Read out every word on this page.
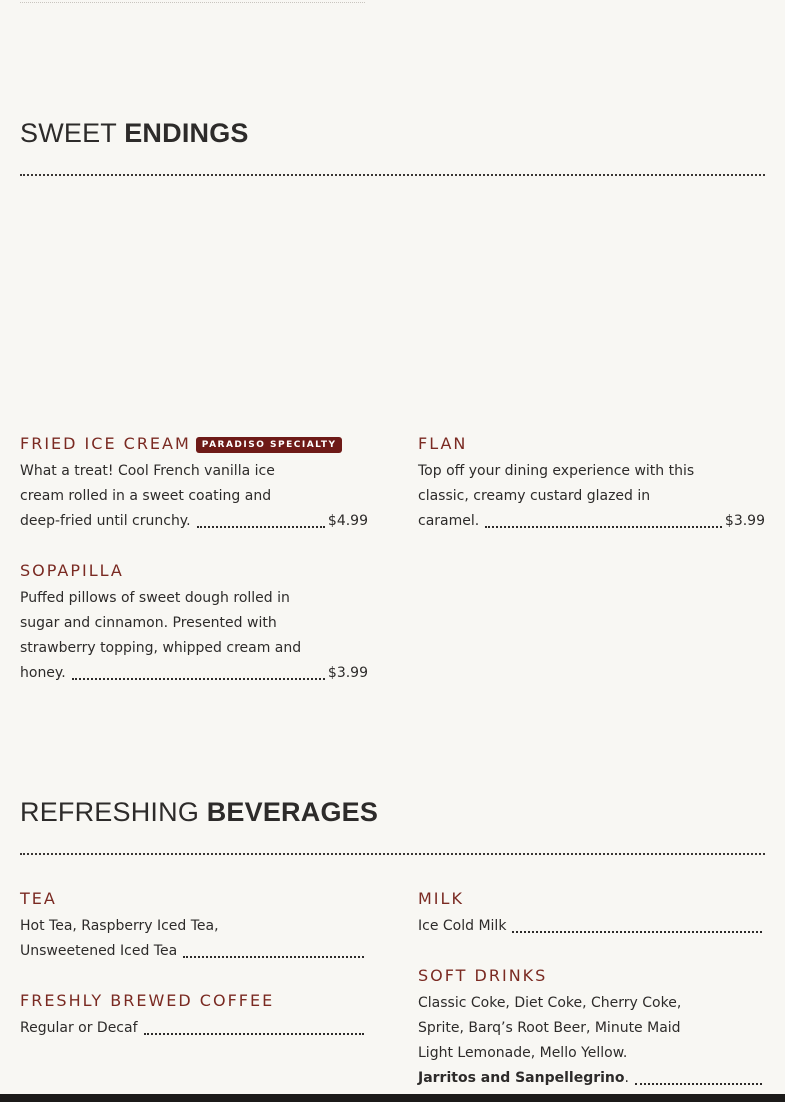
SWEET ENDINGS
FRIED ICE CREAM PARADISO SPECIALTY
What a treat! Cool French vanilla ice
cream rolled in a sweet coating and
deep-fried until crunchy.	$4.99
FLAN
Top off your dining experience with this
classic, creamy custard glazed in
caramel.	$3.99
SOPAPILLA
Puffed pillows of sweet dough rolled in
sugar and cinnamon. Presented with
strawberry topping, whipped cream and
honey.	$3.99
REFRESHING BEVERAGES
TEA
Hot Tea, Raspberry Iced Tea,
Unsweetened Iced Tea
MILK
Ice Cold Milk
FRESHLY BREWED COFFEE
Regular or Decaf
SOFT DRINKS
Classic Coke, Diet Coke, Cherry Coke,
Sprite, Barq’s Root Beer, Minute Maid
Light Lemonade, Mello Yellow.
Jarritos and Sanpellegrino .
